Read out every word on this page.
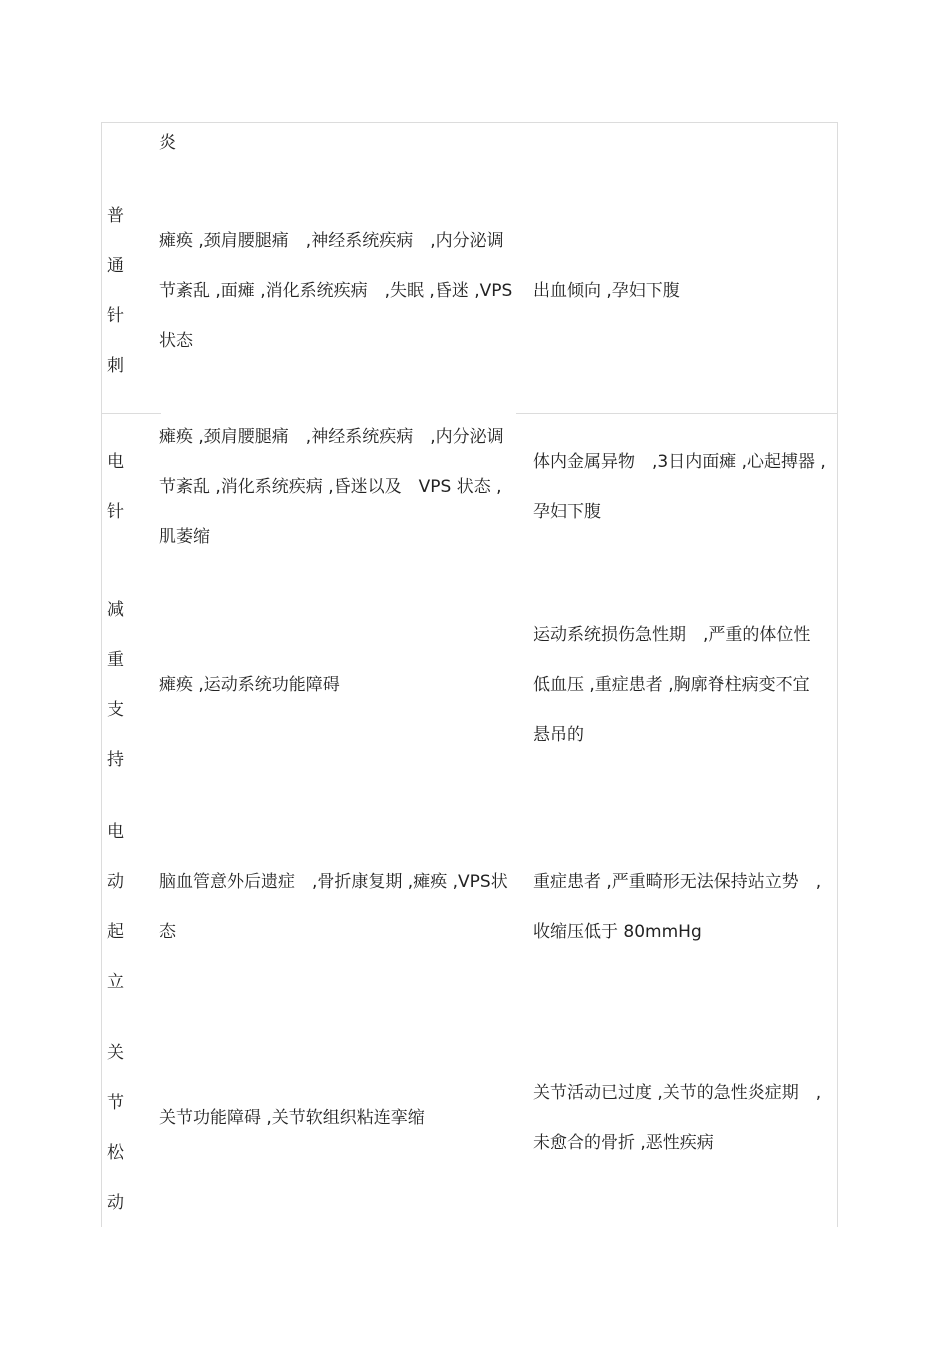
炎
普
通
针
刺
瘫痪 ,颈肩腰腿痛　,神经系统疾病　,内分泌调
节紊乱 ,面瘫 ,消化系统疾病　,失眠 ,昏迷 ,VPS
状态
出血倾向 ,孕妇下腹
电
针
瘫痪 ,颈肩腰腿痛　,神经系统疾病　,内分泌调
节紊乱 ,消化系统疾病 ,昏迷以及　VPS 状态 ,
肌萎缩
体内金属异物　,3日内面瘫 ,心起搏器 ,
孕妇下腹
减
重
支
持
瘫痪 ,运动系统功能障碍
运动系统损伤急性期　,严重的体位性
低血压 ,重症患者 ,胸廓脊柱病变不宜
悬吊的
电
动
起
立
脑血管意外后遗症　,骨折康复期 ,瘫痪 ,VPS状
态
重症患者 ,严重畸形无法保持站立势　,
收缩压低于 80mmHg
关
节
松
动
关节功能障碍 ,关节软组织粘连挛缩
关节活动已过度 ,关节的急性炎症期　,
未愈合的骨折 ,恶性疾病
